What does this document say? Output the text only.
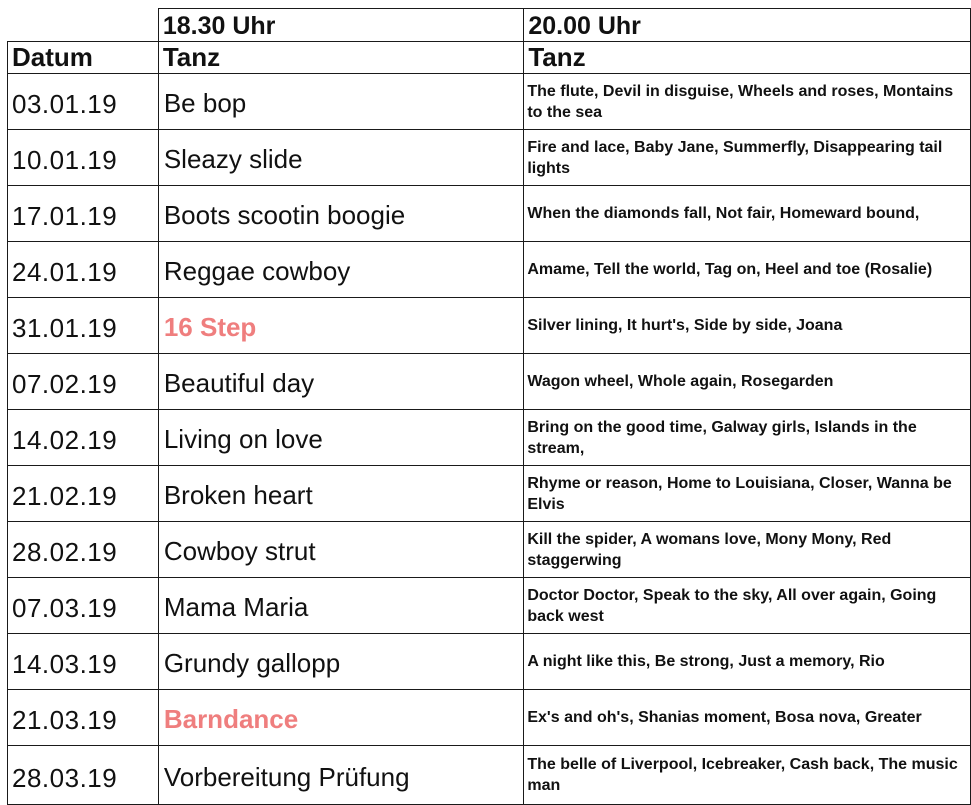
	18.30 Uhr	20.00 Uhr
Datum	Tanz	Tanz
03.01.19	Be bop	The flute, Devil in disguise, Wheels and roses, Montains to the sea
10.01.19	Sleazy slide	Fire and lace, Baby Jane, Summerfly, Disappearing tail lights
17.01.19	Boots scootin boogie	When the diamonds fall, Not fair, Homeward bound,
24.01.19	Reggae cowboy	Amame, Tell the world, Tag on, Heel and toe (Rosalie)
31.01.19	16 Step	Silver lining, It hurt's, Side by side, Joana
07.02.19	Beautiful day	Wagon wheel, Whole again, Rosegarden
14.02.19	Living on love	Bring on the good time, Galway girls, Islands in the stream,
21.02.19	Broken heart	Rhyme or reason, Home to Louisiana, Closer, Wanna be Elvis
28.02.19	Cowboy strut	Kill the spider, A womans love, Mony Mony, Red staggerwing
07.03.19	Mama Maria	Doctor Doctor, Speak to the sky, All over again, Going back west
14.03.19	Grundy gallopp	A night like this, Be strong, Just a memory, Rio
21.03.19	Barndance	Ex's and oh's, Shanias moment, Bosa nova, Greater
28.03.19	Vorbereitung Prüfung	The belle of Liverpool, Icebreaker, Cash back, The music man
